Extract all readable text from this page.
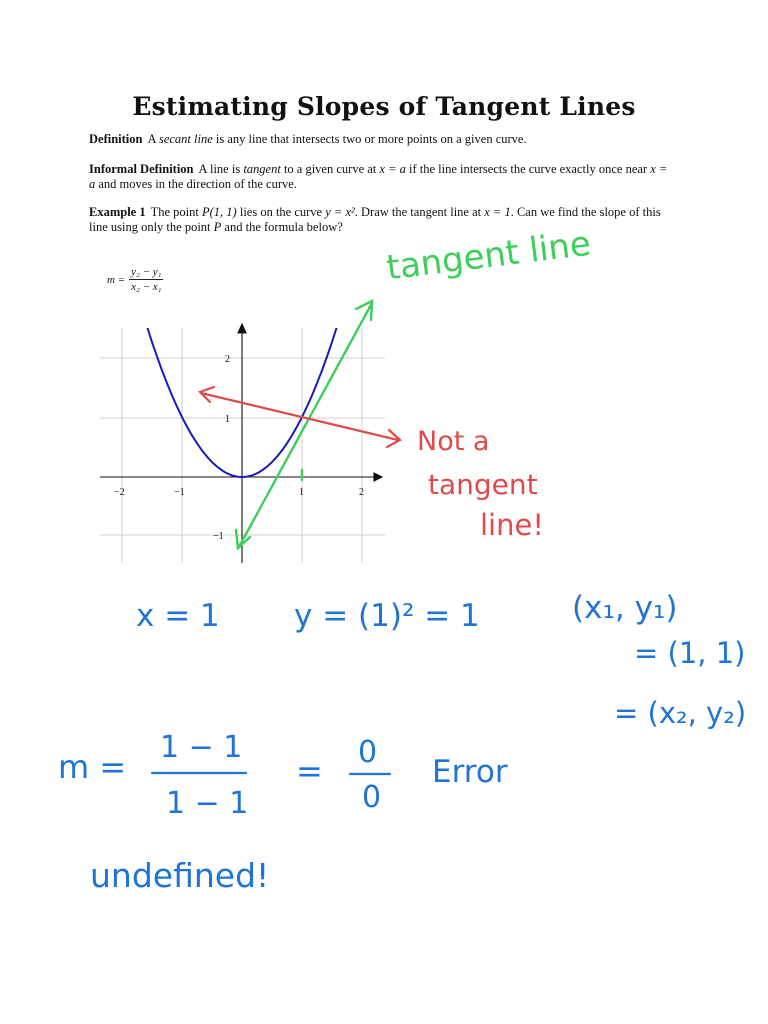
Estimating Slopes of Tangent Lines
Definition A secant line is any line that intersects two or more points on a given curve.
Informal Definition A line is tangent to a given curve at x = a if the line intersects the curve exactly once near x = a and moves in the direction of the curve.
Example 1 The point P(1, 1) lies on the curve y = x². Draw the tangent line at x = 1. Can we find the slope of this line using only the point P and the formula below?
$m = \frac{\text{y₂ − y₁}}{\text{x₂ − x₁}}$
−2	−1	1	2
2
1
−1
tangent line
Not a
tangent
line!
x = 1 y = (1)² = 1	(x₁, y₁)
= (1, 1)
= (x₂, y₂)
m =
1 − 1
1 − 1
= 0
0
Error
undefined!
